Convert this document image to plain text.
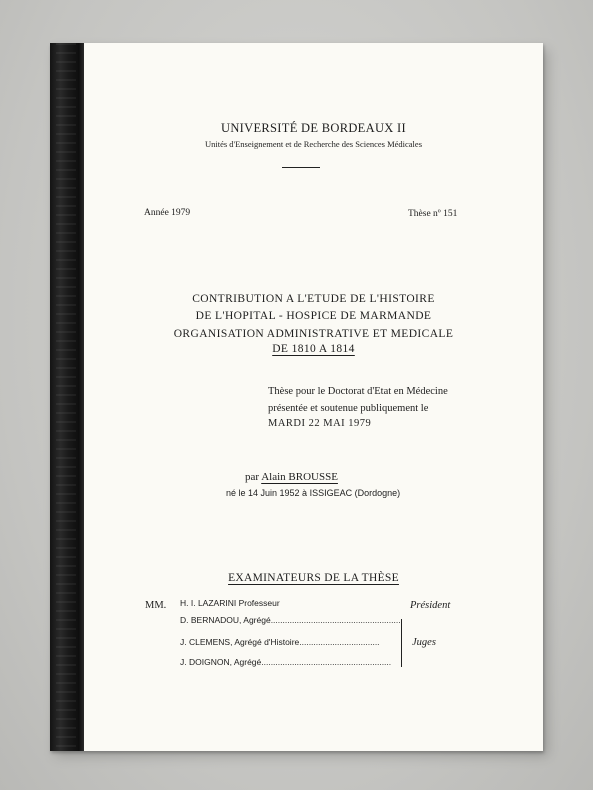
UNIVERSITÉ DE BORDEAUX II
Unités d'Enseignement et de Recherche des Sciences Médicales
Année 1979	Thèse nº 151
CONTRIBUTION A L'ETUDE DE L'HISTOIRE
DE L'HOPITAL - HOSPICE DE MARMANDE
ORGANISATION ADMINISTRATIVE ET MEDICALE
DE 1810 A 1814
Thèse pour le Doctorat d'Etat en Médecine
présentée et soutenue publiquement le
MARDI 22 MAI 1979
par Alain BROUSSE
né le 14 Juin 1952 à ISSIGEAC (Dordogne)
EXAMINATEURS DE LA THÈSE
MM. H. I. LAZARINI Professeur
D. BERNADOU, Agrégé.......................................................
J. CLEMENS, Agrégé d'Histoire..................................
J. DOIGNON, Agrégé.......................................................
Président
Juges
